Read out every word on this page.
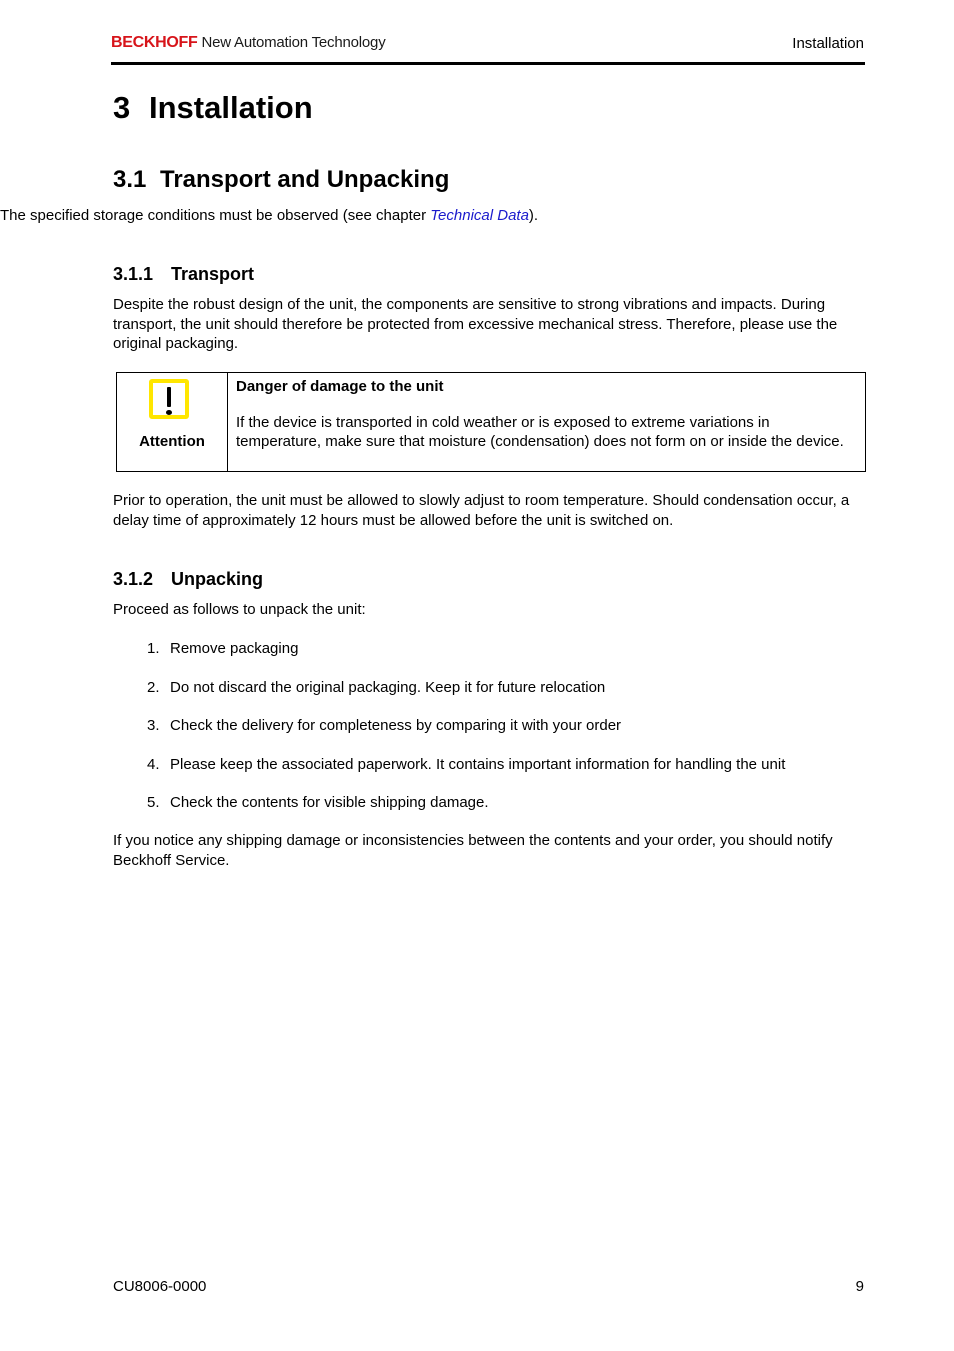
BECKHOFF New Automation Technology	Installation
3 Installation
3.1 Transport and Unpacking

The specified storage conditions must be observed (see chapter Technical Data).

3.1.1 Transport

Despite the robust design of the unit, the components are sensitive to strong vibrations and impacts. During transport, the unit should therefore be protected from excessive mechanical stress. Therefore, please use the original packaging.

Attention
Danger of damage to the unit
If the device is transported in cold weather or is exposed to extreme variations in temperature, make sure that moisture (condensation) does not form on or inside the device.

Prior to operation, the unit must be allowed to slowly adjust to room temperature. Should condensation occur, a delay time of approximately 12 hours must be allowed before the unit is switched on.

3.1.2 Unpacking

Proceed as follows to unpack the unit:

1. Remove packaging
2. Do not discard the original packaging. Keep it for future relocation
3. Check the delivery for completeness by comparing it with your order
4. Please keep the associated paperwork. It contains important information for handling the unit
5. Check the contents for visible shipping damage.

If you notice any shipping damage or inconsistencies between the contents and your order, you should notify Beckhoff Service.

CU8006-0000	9
